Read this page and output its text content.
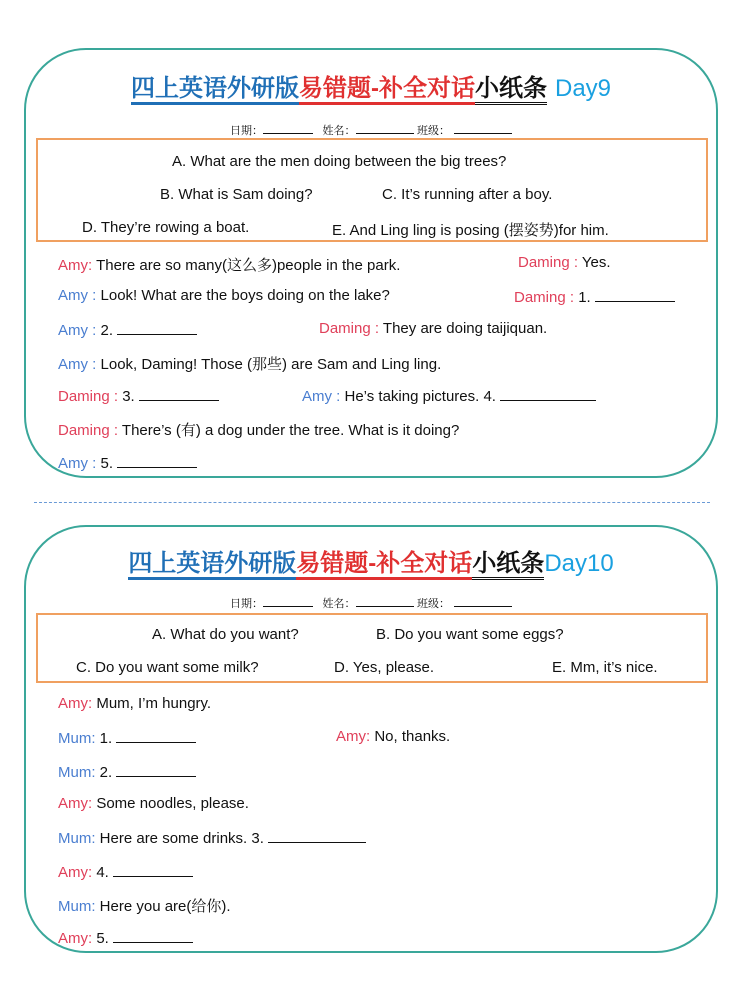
四上英语外研版易错题-补全对话小纸条 Day9
日期：	姓名：	班级：
A. What are the men doing between the big trees?
B. What is Sam doing?	C. It’s running after a boy.
D. They’re rowing a boat.	E. And Ling ling is posing (摆姿势)for him.
Amy: There are so many(这么多)people in the park.	Daming : Yes.
Amy : Look! What are the boys doing on the lake?	Daming : 1.
Amy : 2.	Daming : They are doing taijiquan.
Amy : Look, Daming! Those (那些) are Sam and Ling ling.
Daming : 3.	Amy : He’s taking pictures. 4.
Daming : There’s (有) a dog under the tree. What is it doing?
Amy : 5.
四上英语外研版易错题-补全对话小纸条Day10
日期：	姓名：	班级：
A. What do you want?	B. Do you want some eggs?
C. Do you want some milk?	D. Yes, please.	E. Mm, it’s nice.
Amy: Mum, I’m hungry.
Mum: 1.	Amy: No, thanks.
Mum: 2.
Amy: Some noodles, please.
Mum: Here are some drinks. 3.
Amy: 4.
Mum: Here you are(给你).
Amy: 5.
